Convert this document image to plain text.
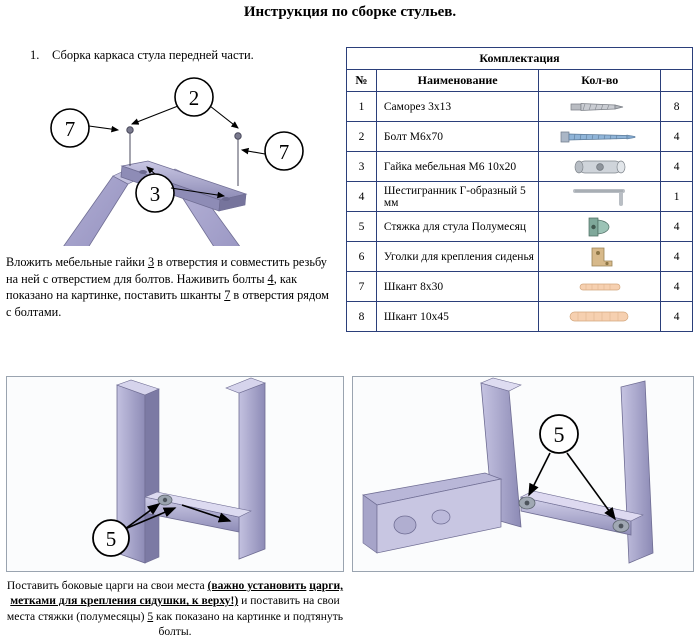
Инструкция по сборке стульев.
1. Сборка каркаса стула передней части.
2
7
7
3
Вложить мебельные гайки 3 в отверстия и совместить резьбу на ней с отверстием для болтов. Наживить болты 4, как показано на картинке, поставить шканты 7 в отверстия рядом с болтами.
Комплектация			
№	Наименование	Кол-во	
1	Саморез 3х13		8
2	Болт М6х70		4
3	Гайка мебельная М6 10х20		4
4	Шестигранник Г-образный 5 мм		1
5	Стяжка для стула Полумесяц		4
6	Уголки для крепления сиденья		4
7	Шкант 8х30		4
8	Шкант 10х45		4
5
5
Поставить боковые царги на свои места (важно установить царги, метками для крепления сидушки, к верху!) и поставить на свои места стяжки (полумесяцы) 5 как показано на картинке и подтянуть болты.
